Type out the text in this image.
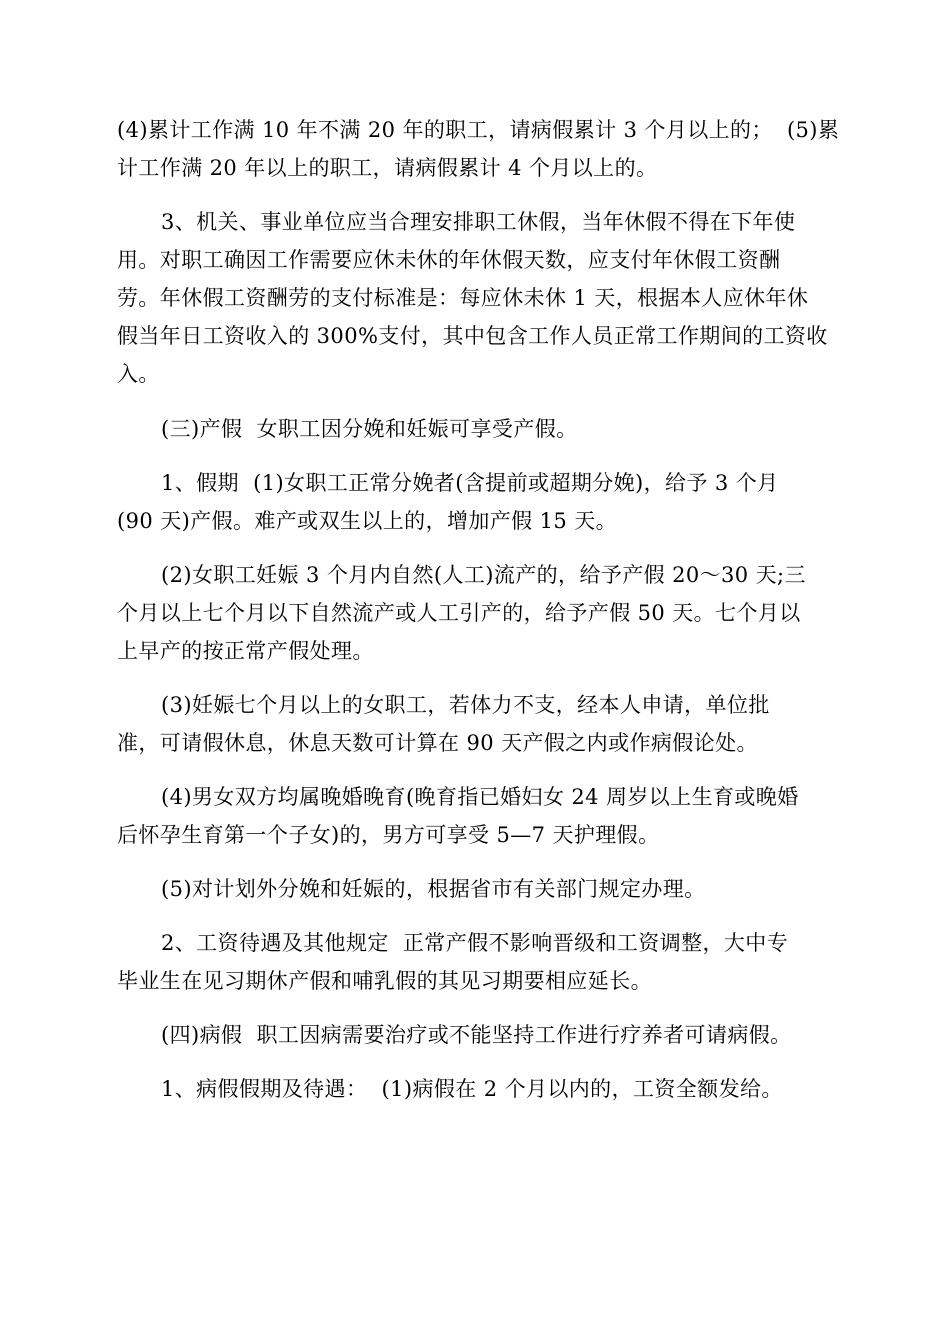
(4)累计工作满 10 年不满 20 年的职工，请病假累计 3 个月以上的；  (5)累
计工作满 20 年以上的职工，请病假累计 4 个月以上的。
3、机关、事业单位应当合理安排职工休假，当年休假不得在下年使
用。对职工确因工作需要应休未休的年休假天数，应支付年休假工资酬
劳。年休假工资酬劳的支付标准是：每应休未休 1 天，根据本人应休年休
假当年日工资收入的 300%支付，其中包含工作人员正常工作期间的工资收
入。
(三)产假  女职工因分娩和妊娠可享受产假。
1、假期  (1)女职工正常分娩者(含提前或超期分娩)，给予 3 个月
(90 天)产假。难产或双生以上的，增加产假 15 天。
(2)女职工妊娠 3 个月内自然(人工)流产的，给予产假 20～30 天;三
个月以上七个月以下自然流产或人工引产的，给予产假 50 天。七个月以
上早产的按正常产假处理。
(3)妊娠七个月以上的女职工，若体力不支，经本人申请，单位批
准，可请假休息，休息天数可计算在 90 天产假之内或作病假论处。
(4)男女双方均属晚婚晚育(晚育指已婚妇女 24 周岁以上生育或晚婚
后怀孕生育第一个子女)的，男方可享受 5—7 天护理假。
(5)对计划外分娩和妊娠的，根据省市有关部门规定办理。
2、工资待遇及其他规定  正常产假不影响晋级和工资调整，大中专
毕业生在见习期休产假和哺乳假的其见习期要相应延长。
(四)病假  职工因病需要治疗或不能坚持工作进行疗养者可请病假。
1、病假假期及待遇：  (1)病假在 2 个月以内的，工资全额发给。
